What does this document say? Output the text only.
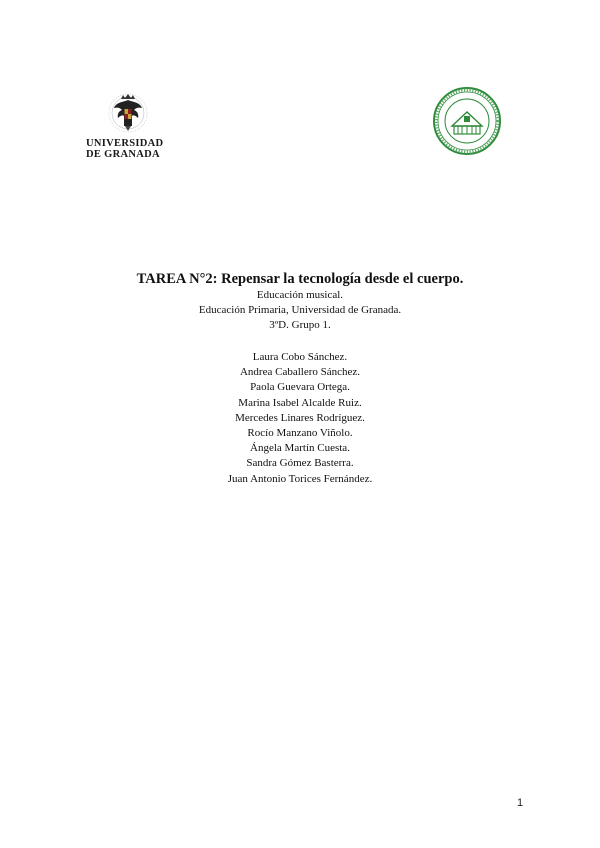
UNIVERSIDAD
DE GRANADA

TAREA N°2: Repensar la tecnología desde el cuerpo.

Educación musical.

Educación Primaria, Universidad de Granada.

3ºD. Grupo 1.

Laura Cobo Sánchez.

Andrea Caballero Sánchez.

Paola Guevara Ortega.

Marina Isabel Alcalde Ruiz.

Mercedes Linares Rodríguez.

Rocío Manzano Viñolo.

Ángela Martín Cuesta.

Sandra Gómez Basterra.

Juan Antonio Torices Fernández.

1
